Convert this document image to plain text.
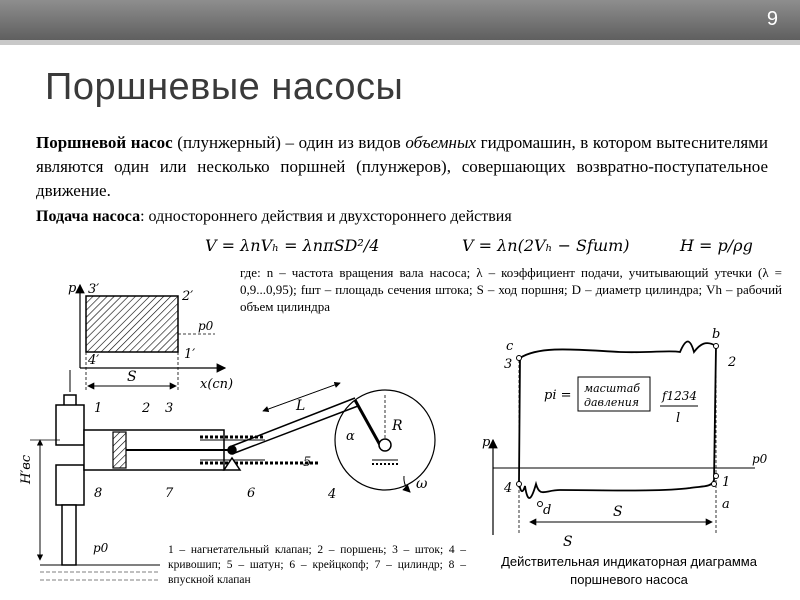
9
Поршневые насосы
Поршневой насос (плунжерный) – один из видов объемных гидромашин, в котором вытеснителями являются один или несколько поршней (плунжеров), совершающих возвратно-поступательное движение.
Подача насоса: одностороннего действия и двухстороннего действия
V = λnVₕ = λnπSD²/4	V = λn(2Vₕ − Sfшт)	H = p/ρg
где: n – частота вращения вала насоса; λ – коэффициент подачи, учитывающий утечки (λ = 0,9...0,95); fшт – площадь сечения штока; S – ход поршня; D – диаметр цилиндра; Vh – рабочий объем цилиндра
p
x(cп)
p0
S
3′	2′
4′	1′
H′вс
p0
L
R
α
ω
1	2 3
4
5
6
7
8
p
p0
S
S
c
b
3	2
4	1
d	a
pi = масштаб
давления f1234
l
1 – нагнетательный клапан; 2 – поршень; 3 – шток; 4 – кривошип; 5 – шатун; 6 – крейцкопф; 7 – цилиндр; 8 – впускной клапан
Действительная индикаторная диаграмма поршневого насоса
